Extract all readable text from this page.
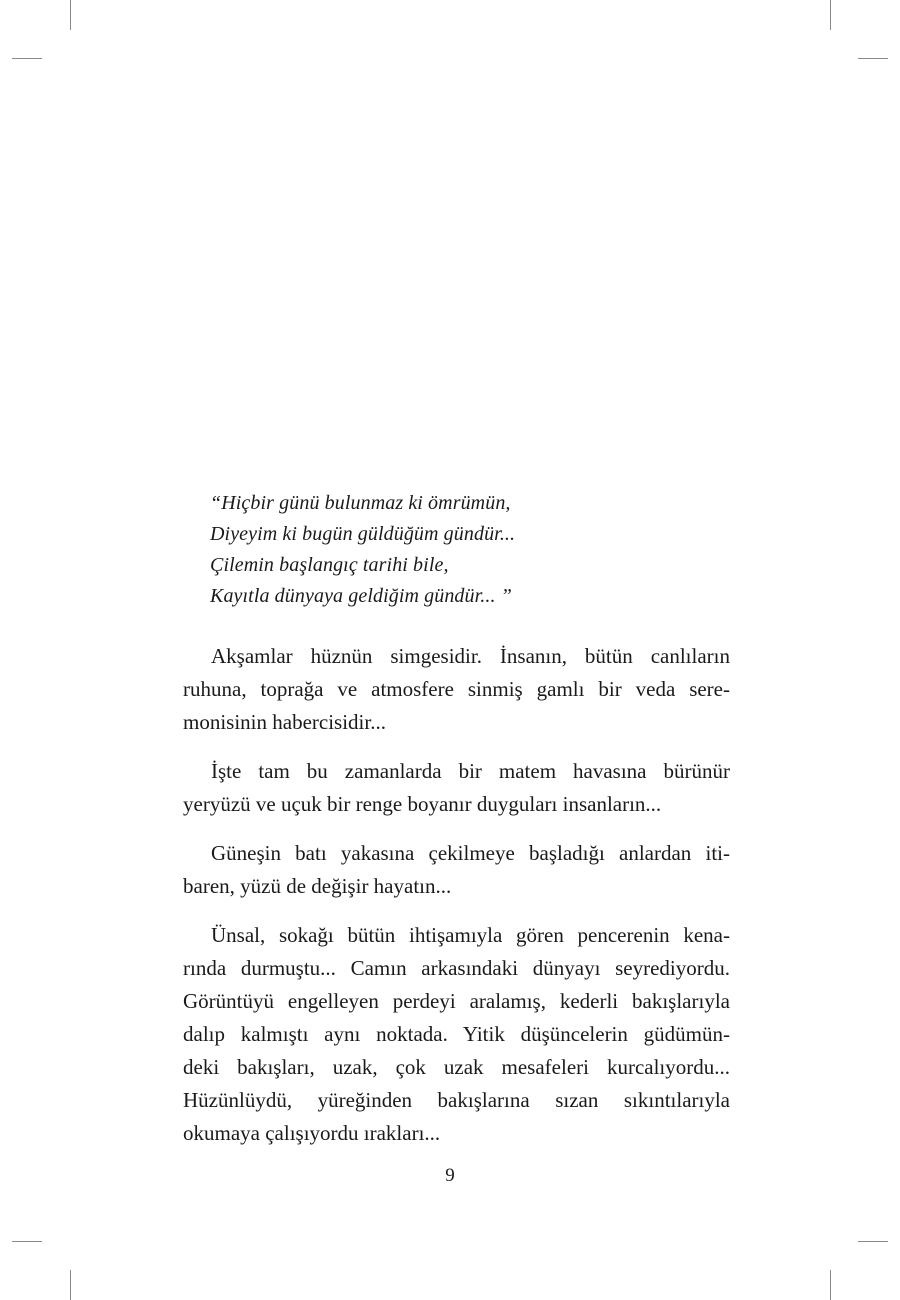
“Hiçbir günü bulunmaz ki ömrümün,
Diyeyim ki bugün güldüğüm gündür...
Çilemin başlangıç tarihi bile,
Kayıtla dünyaya geldiğim gündür... ”
Akşamlar hüznün simgesidir. İnsanın, bütün canlıların
ruhuna, toprağa ve atmosfere sinmiş gamlı bir veda sere-
monisinin habercisidir...
İşte tam bu zamanlarda bir matem havasına bürünür
yeryüzü ve uçuk bir renge boyanır duyguları insanların...
Güneşin batı yakasına çekilmeye başladığı anlardan iti-
baren, yüzü de değişir hayatın...
Ünsal, sokağı bütün ihtişamıyla gören pencerenin kena-
rında durmuştu... Camın arkasındaki dünyayı seyrediyordu.
Görüntüyü engelleyen perdeyi aralamış, kederli bakışlarıyla
dalıp kalmıştı aynı noktada. Yitik düşüncelerin güdümün-
deki bakışları, uzak, çok uzak mesafeleri kurcalıyordu...
Hüzünlüydü, yüreğinden bakışlarına sızan sıkıntılarıyla
okumaya çalışıyordu ırakları...
9
